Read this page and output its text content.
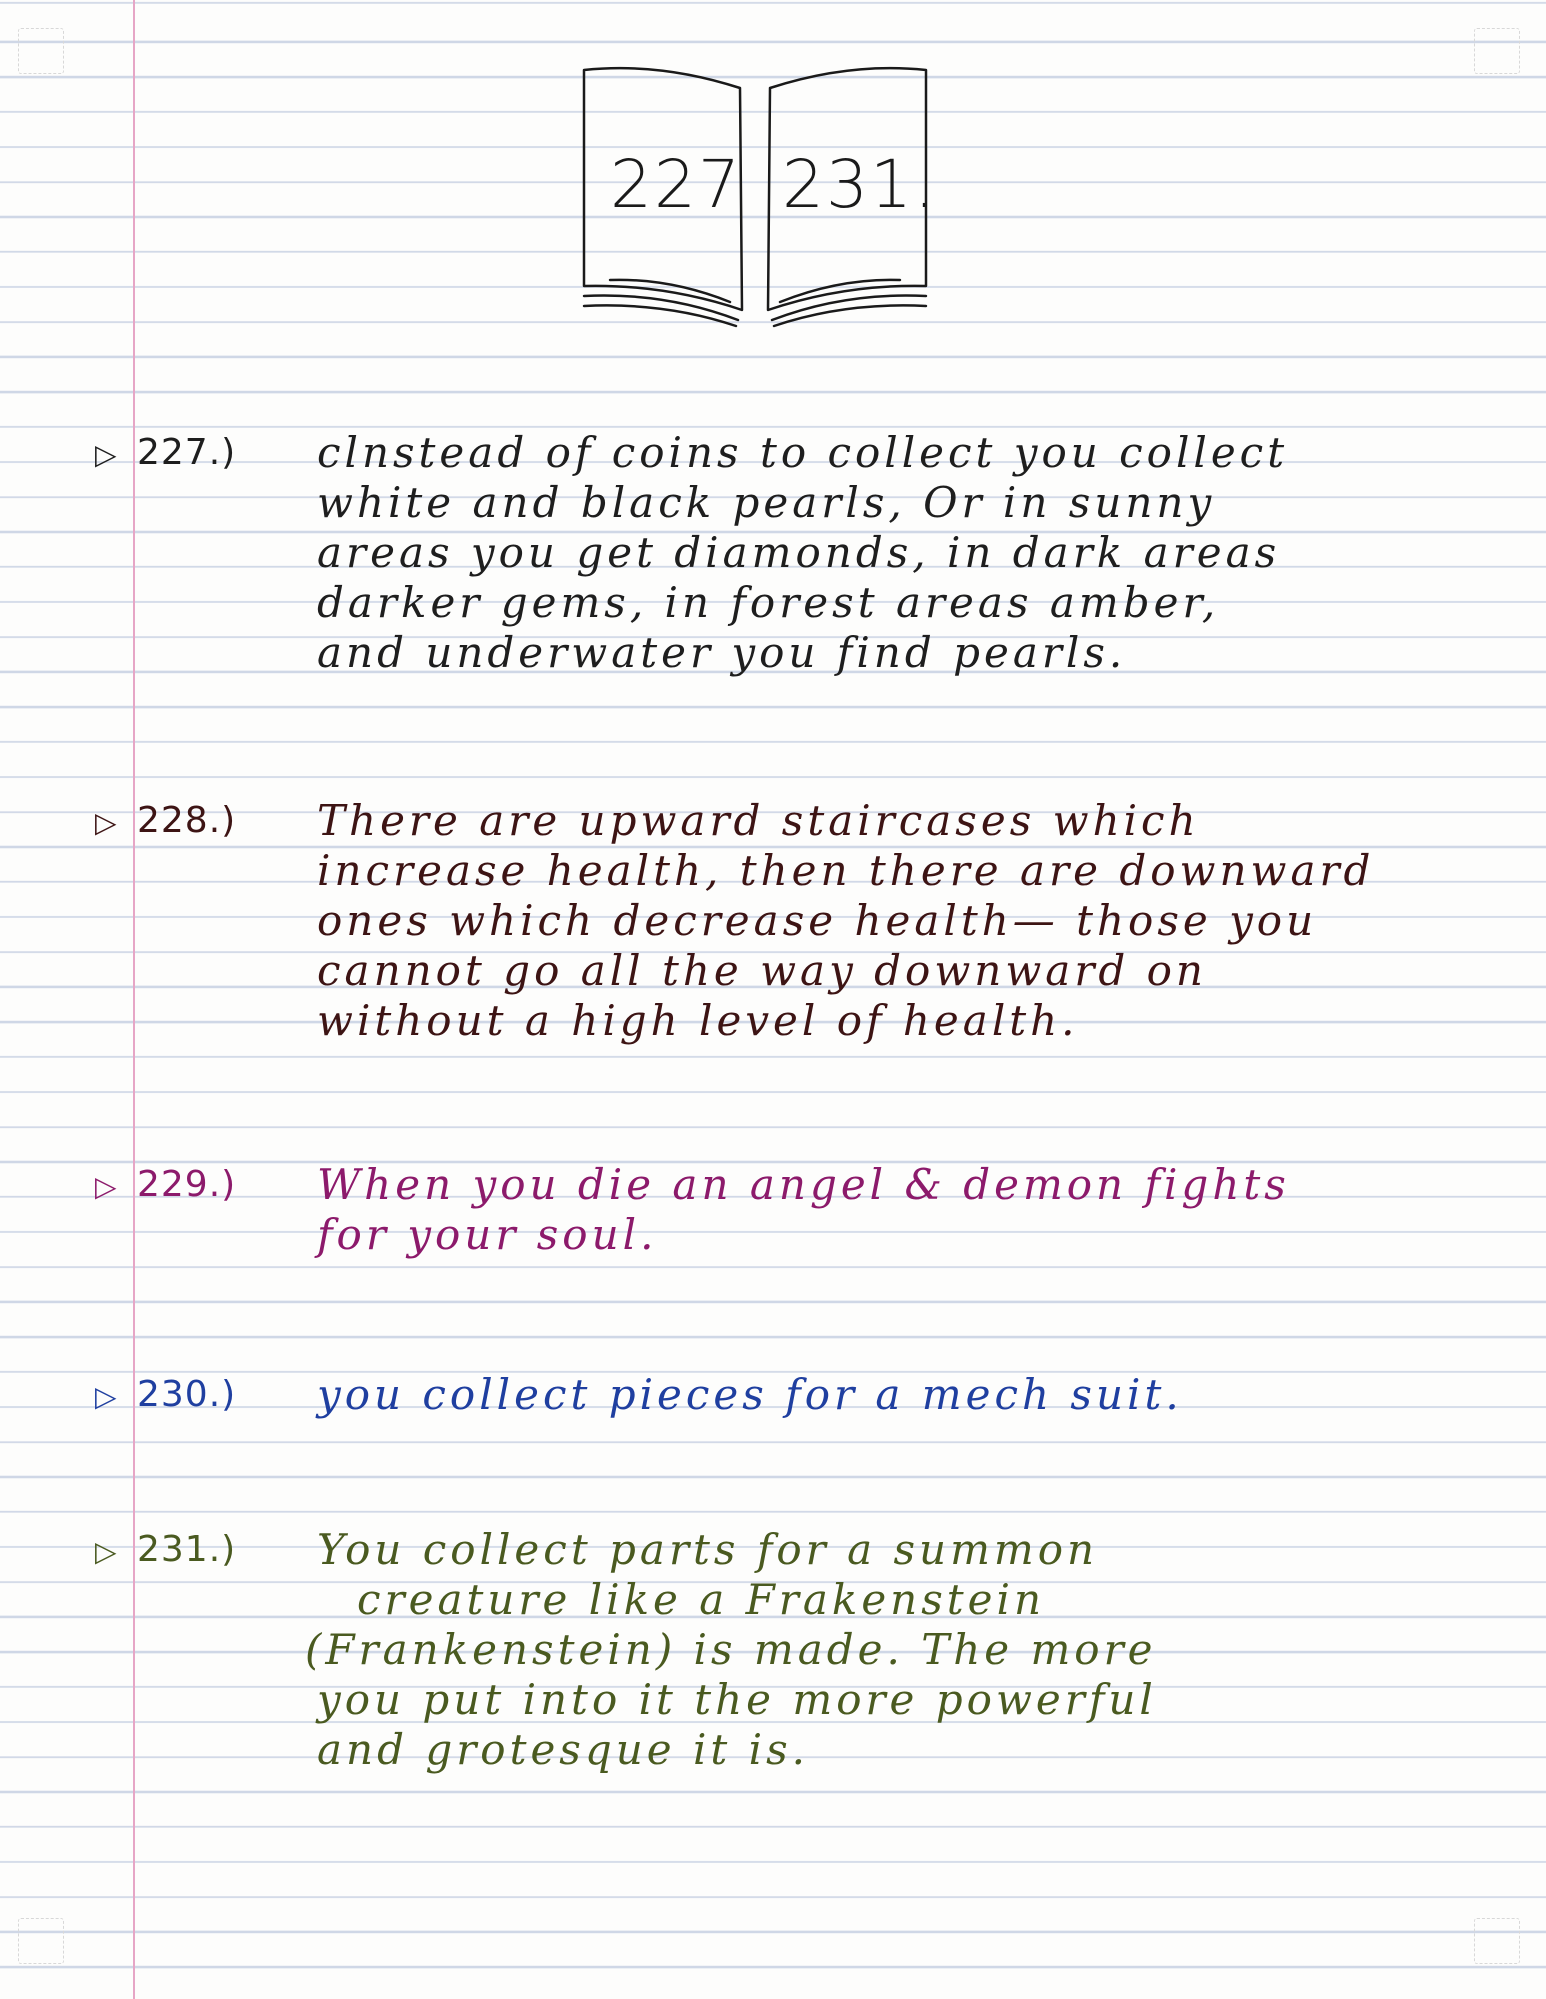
227 231.
▷ 227.) clnstead of coins to collect you collect
white and black pearls, Or in sunny
areas you get diamonds, in dark areas
darker gems, in forest areas amber,
and underwater you find pearls.
▷ 228.) There are upward staircases which
increase health, then there are downward
ones which decrease health— those you
cannot go all the way downward on
without a high level of health.
▷ 229.) When you die an angel & demon fights
for your soul.
▷ 230.) you collect pieces for a mech suit.
▷ 231.) You collect parts for a summon
creature like a Frakenstein
(Frankenstein) is made. The more
you put into it the more powerful
and grotesque it is.
